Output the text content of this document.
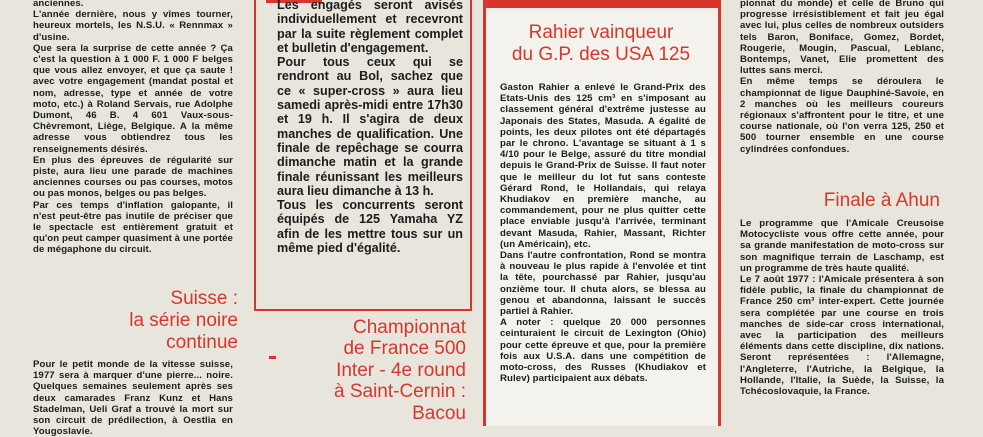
anciennes.

L'année dernière, nous y vîmes tourner, heureux mortels, les N.S.U. « Rennmax » d'usine.

Que sera la surprise de cette année ? Ça c'est la question à 1 000 F. 1 000 F belges que vous allez envoyer, et que ça saute ! avec votre engagement (mandat postal et nom, adresse, type et année de votre moto, etc.) à Roland Servais, rue Adolphe Dumont, 46 B. 4 601 Vaux-sous-Chèvremont, Liège, Belgique. A la même adresse vous obtiendrez tous les renseignements désirés.

En plus des épreuves de régularité sur piste, aura lieu une parade de machines anciennes courses ou pas courses, motos ou pas monos, belges ou pas belges.

Par ces temps d'inflation galopante, il n'est peut-être pas inutile de préciser que le spectacle est entièrement gratuit et qu'on peut camper quasiment à une portée de mégaphone du circuit.

Suisse :
la série noire
continue

Pour le petit monde de la vitesse suisse, 1977 sera à marquer d'une pierre... noire. Quelques semaines seulement après ses deux camarades Franz Kunz et Hans Stadelman, Ueli Graf a trouvé la mort sur son circuit de prédilection, à Oestlia en Yougoslavie.

Les engagés seront avisés individuellement et recevront par la suite règlement complet et bulletin d'engagement.

Pour tous ceux qui se rendront au Bol, sachez que ce « super-cross » aura lieu samedi après-midi entre 17h30 et 19 h. Il s'agira de deux manches de qualification. Une finale de repêchage se courra dimanche matin et la grande finale réunissant les meilleurs aura lieu dimanche à 13 h.

Tous les concurrents seront équipés de 125 Yamaha YZ afin de les mettre tous sur un même pied d'égalité.

Championnat
de France 500
Inter - 4e round
à Saint-Cernin :
Bacou
Rahier vainqueur
du G.P. des USA 125

Gaston Rahier a enlevé le Grand-Prix des Etats-Unis des 125 cm³ en s'imposant au classement général d'extrême justesse au Japonais des States, Masuda. A égalité de points, les deux pilotes ont été départagés par le chrono. L'avantage se situant à 1 s 4/10 pour le Belge, assuré du titre mondial depuis le Grand-Prix de Suisse. Il faut noter que le meilleur du lot fut sans conteste Gérard Rond, le Hollandais, qui relaya Khudiakov en première manche, au commandement, pour ne plus quitter cette place enviable jusqu'à l'arrivée, terminant devant Masuda, Rahier, Massant, Richter (un Américain), etc.

Dans l'autre confrontation, Rond se montra à nouveau le plus rapide à l'envolée et tint la tête, pourchassé par Rahier, jusqu'au onzième tour. Il chuta alors, se blessa au genou et abandonna, laissant le succès partiel à Rahier.

A noter : quelque 20 000 personnes ceinturaient le circuit de Lexington (Ohio) pour cette épreuve et que, pour la première fois aux U.S.A. dans une compétition de moto-cross, des Russes (Khudiakov et Rulev) participaient aux débats.

pionnat du monde) et celle de Bruno qui progresse irrésistiblement et fait jeu égal avec lui, plus celles de nombreux outsiders tels Baron, Boniface, Gomez, Bordet, Rougerie, Mougin, Pascual, Leblanc, Bontemps, Vanet, Elie promettent des luttes sans merci.

En même temps se déroulera le championnat de ligue Dauphiné-Savoie, en 2 manches où les meilleurs coureurs régionaux s'affrontent pour le titre, et une course nationale, où l'on verra 125, 250 et 500 tourner ensemble en une course cylindrées confondues.

Finale à Ahun

Le programme que l'Amicale Creusoise Motocycliste vous offre cette année, pour sa grande manifestation de moto-cross sur son magnifique terrain de Laschamp, est un programme de très haute qualité.

Le 7 août 1977 : l'Amicale présentera à son fidèle public, la finale du championnat de France 250 cm³ inter-expert. Cette journée sera complétée par une course en trois manches de side-car cross international, avec la participation des meilleurs éléments dans cette discipline, dix nations. Seront représentées : l'Allemagne, l'Angleterre, l'Autriche, la Belgique, la Hollande, l'Italie, la Suède, la Suisse, la Tchécoslovaquie, la France.
